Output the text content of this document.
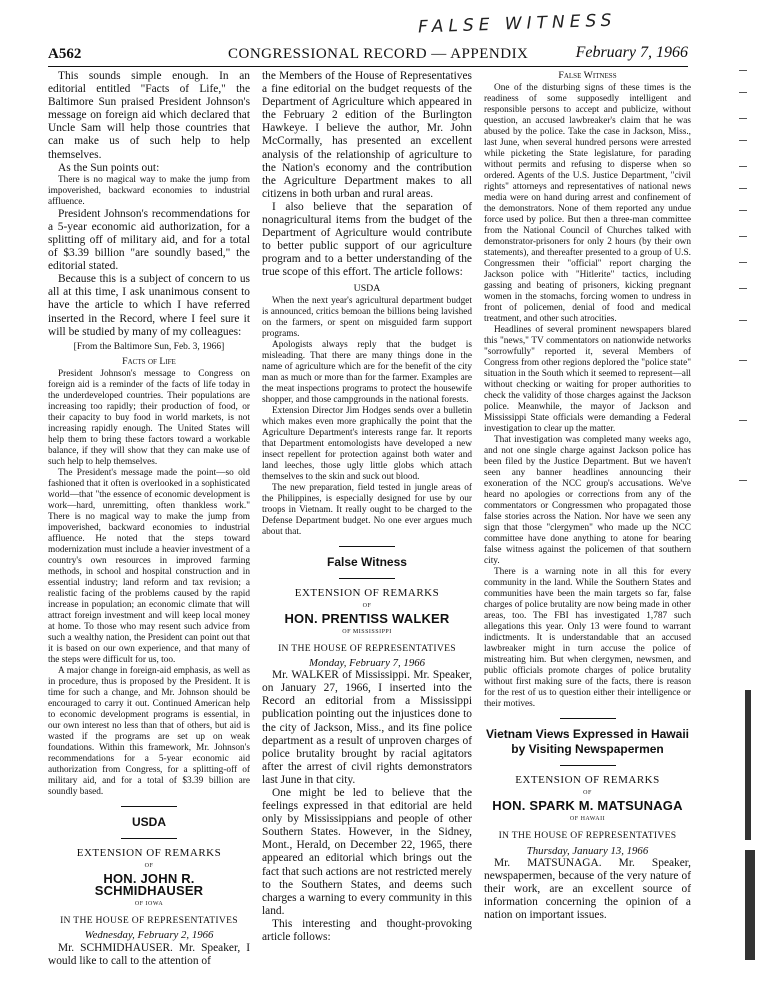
FALSE WITNESS
A562	CONGRESSIONAL RECORD — APPENDIX	February 7, 1966

This sounds simple enough. In an editorial entitled "Facts of Life," the Baltimore Sun praised President Johnson's message on foreign aid which declared that Uncle Sam will help those countries that can make us of such help to help themselves.

As the Sun points out:

There is no magical way to make the jump from impoverished, backward economies to industrial affluence.

President Johnson's recommendations for a 5-year economic aid authorization, for a splitting off of military aid, and for a total of $3.39 billion "are soundly based," the editorial stated.

Because this is a subject of concern to us all at this time, I ask unanimous consent to have the article to which I have referred inserted in the Record, where I feel sure it will be studied by many of my colleagues:

[From the Baltimore Sun, Feb. 3, 1966]
Facts of Life

President Johnson's message to Congress on foreign aid is a reminder of the facts of life today in the underdeveloped countries. Their populations are increasing too rapidly; their production of food, or their capacity to buy food in world markets, is not increasing rapidly enough. The United States will help them to bring these factors toward a workable balance, if they will show that they can make use of such help to help themselves.

The President's message made the point—so old fashioned that it often is overlooked in a sophisticated world—that "the essence of economic development is work—hard, unremitting, often thankless work." There is no magical way to make the jump from impoverished, backward economies to industrial affluence. He noted that the steps toward modernization must include a heavier investment of a country's own resources in improved farming methods, in school and hospital construction and in essential industry; land reform and tax revision; a realistic facing of the problems caused by the rapid increase in population; an economic climate that will attract foreign investment and will keep local money at home. To those who may resent such advice from such a wealthy nation, the President can point out that it is based on our own experience, and that many of the steps were difficult for us, too.

A major change in foreign-aid emphasis, as well as in procedure, thus is proposed by the President. It is time for such a change, and Mr. Johnson should be encouraged to carry it out. Continued American help to economic development programs is essential, in our own interest no less than that of others, but aid is wasted if the programs are set up on weak foundations. Within this framework, Mr. Johnson's recommendations for a 5-year economic aid authorization from Congress, for a splitting-off of military aid, and for a total of $3.39 billion are soundly based.

USDA
EXTENSION OF REMARKS
OF
HON. JOHN R. SCHMIDHAUSER
OF IOWA
IN THE HOUSE OF REPRESENTATIVES
Wednesday, February 2, 1966

Mr. SCHMIDHAUSER. Mr. Speaker, I would like to call to the attention of

the Members of the House of Representatives a fine editorial on the budget requests of the Department of Agriculture which appeared in the February 2 edition of the Burlington Hawkeye. I believe the author, Mr. John McCormally, has presented an excellent analysis of the relationship of agriculture to the Nation's economy and the contribution the Agriculture Department makes to all citizens in both urban and rural areas.

I also believe that the separation of nonagricultural items from the budget of the Department of Agriculture would contribute to better public support of our agriculture program and to a better understanding of the true scope of this effort. The article follows:

USDA

When the next year's agricultural department budget is announced, critics bemoan the billions being lavished on the farmers, or spent on misguided farm support programs.

Apologists always reply that the budget is misleading. That there are many things done in the name of agriculture which are for the benefit of the city man as much or more than for the farmer. Examples are the meat inspections programs to protect the housewife shopper, and those campgrounds in the national forests.

Extension Director Jim Hodges sends over a bulletin which makes even more graphically the point that the Agriculture Department's interests range far. It reports that Department entomologists have developed a new insect repellent for protection against both water and land leeches, those ugly little globs which attach themselves to the skin and suck out blood.

The new preparation, field tested in jungle areas of the Philippines, is especially designed for use by our troops in Vietnam. It really ought to be charged to the Defense Department budget. No one ever argues much about that.

False Witness
EXTENSION OF REMARKS
OF
HON. PRENTISS WALKER
OF MISSISSIPPI
IN THE HOUSE OF REPRESENTATIVES
Monday, February 7, 1966

Mr. WALKER of Mississippi. Mr. Speaker, on January 27, 1966, I inserted into the Record an editorial from a Mississippi publication pointing out the injustices done to the city of Jackson, Miss., and its fine police department as a result of unproven charges of police brutality brought by racial agitators after the arrest of civil rights demonstrators last June in that city.

One might be led to believe that the feelings expressed in that editorial are held only by Mississippians and people of other Southern States. However, in the Sidney, Mont., Herald, on December 22, 1965, there appeared an editorial which brings out the fact that such actions are not restricted merely to the Southern States, and deems such charges a warning to every community in this land.

This interesting and thought-provoking article follows:

False Witness

One of the disturbing signs of these times is the readiness of some supposedly intelligent and responsible persons to accept and publicize, without question, an accused lawbreaker's claim that he was abused by the police. Take the case in Jackson, Miss., last June, when several hundred persons were arrested while picketing the State legislature, for parading without permits and refusing to disperse when so ordered. Agents of the U.S. Justice Department, "civil rights" attorneys and representatives of national news media were on hand during arrest and confinement of the demonstrators. None of them reported any undue force used by police. But then a three-man committee from the National Council of Churches talked with demonstrator-prisoners for only 2 hours (by their own statements), and thereafter presented to a group of U.S. Congressmen their "official" report charging the Jackson police with "Hitlerite" tactics, including gassing and beating of prisoners, kicking pregnant women in the stomachs, forcing women to undress in front of policemen, denial of food and medical treatment, and other such atrocities.

Headlines of several prominent newspapers blared this "news," TV commentators on nationwide networks "sorrowfully" reported it, several Members of Congress from other regions deplored the "police state" situation in the South which it seemed to represent—all without checking or waiting for proper authorities to check the validity of those charges against the Jackson police. Meanwhile, the mayor of Jackson and Mississippi State officials were demanding a Federal investigation to clear up the matter.

That investigation was completed many weeks ago, and not one single charge against Jackson police has been filed by the Justice Department. But we haven't seen any banner headlines announcing their exoneration of the NCC group's accusations. We've heard no apologies or corrections from any of the commentators or Congressmen who propagated those false stories across the Nation. Nor have we seen any sign that those "clergymen" who made up the NCC committee have done anything to atone for bearing false witness against the policemen of that southern city.

There is a warning note in all this for every community in the land. While the Southern States and communities have been the main targets so far, false charges of police brutality are now being made in other areas, too. The FBI has investigated 1,787 such allegations this year. Only 13 were found to warrant indictments. It is understandable that an accused lawbreaker might in turn accuse the police of mistreating him. But when clergymen, newsmen, and public officials promote charges of police brutality without first making sure of the facts, there is reason for the rest of us to question either their intelligence or their motives.

Vietnam Views Expressed in Hawaii by Visiting Newspapermen
EXTENSION OF REMARKS
OF
HON. SPARK M. MATSUNAGA
OF HAWAII
IN THE HOUSE OF REPRESENTATIVES
Thursday, January 13, 1966

Mr. MATSUNAGA. Mr. Speaker, newspapermen, because of the very nature of their work, are an excellent source of information concerning the opinion of a nation on important issues.
